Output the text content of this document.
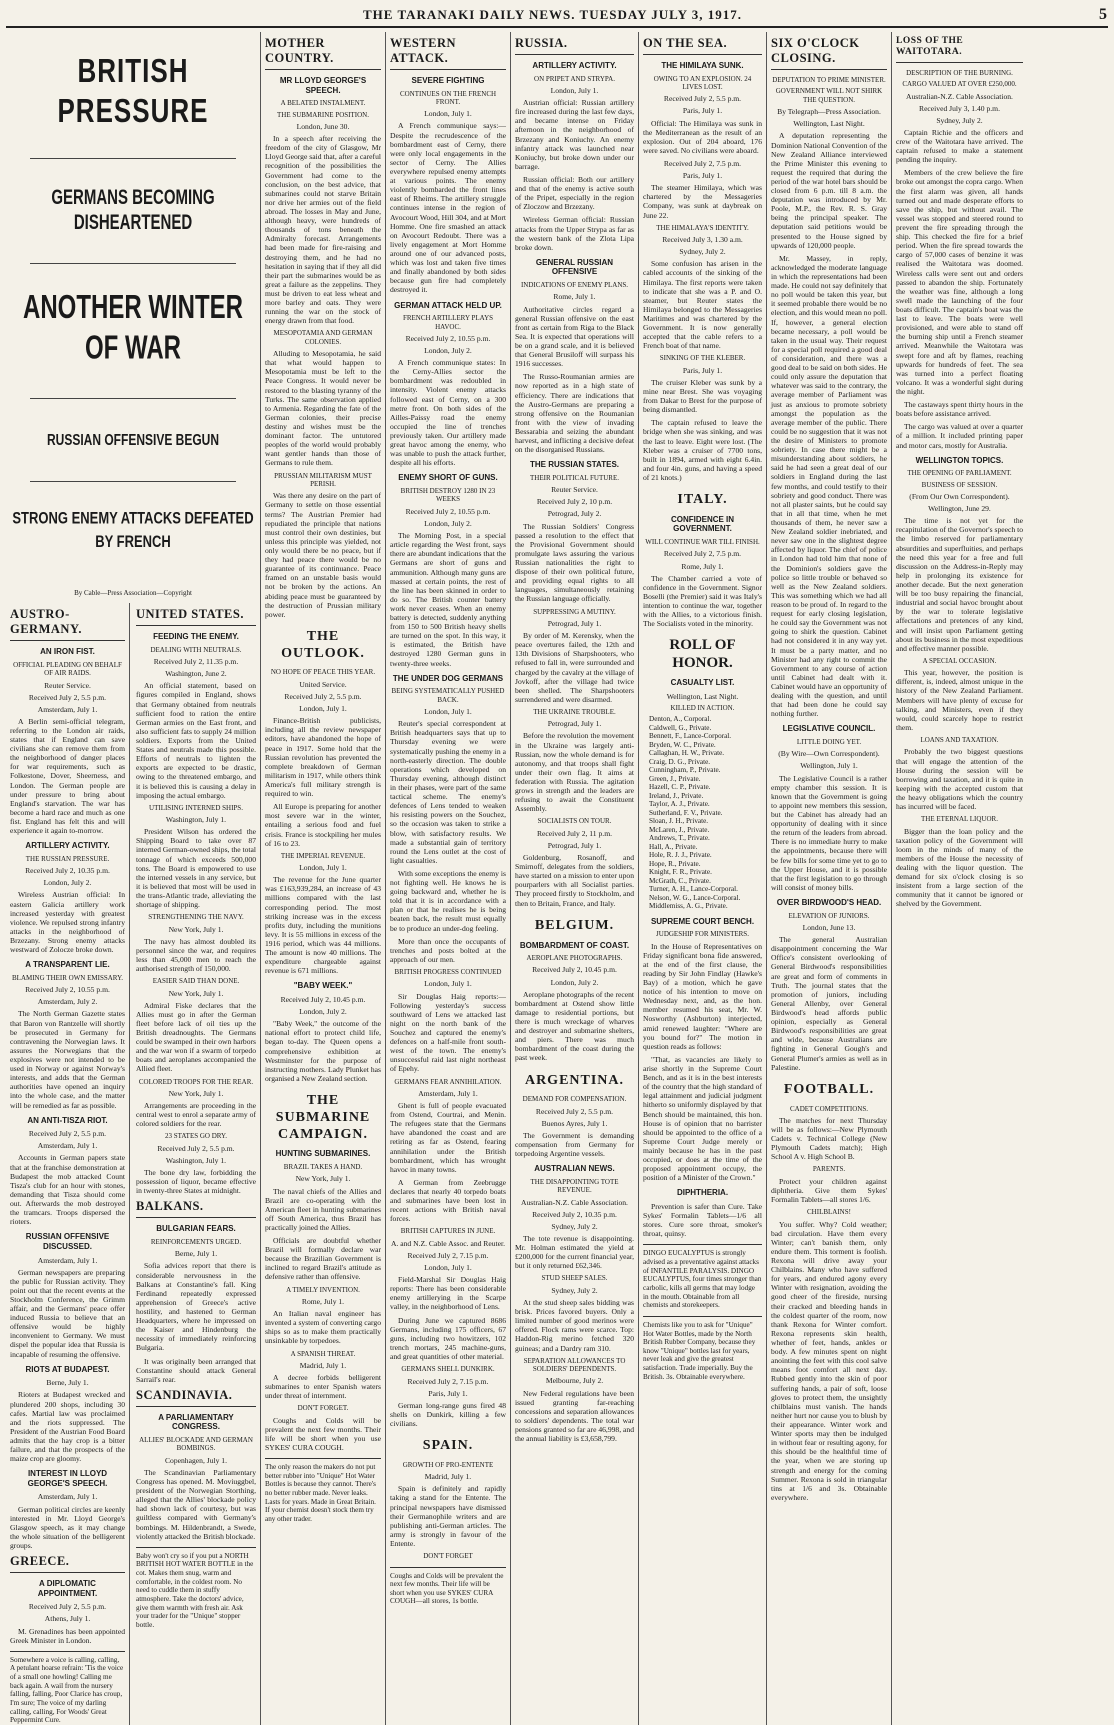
THE TARANAKI DAILY NEWS. TUESDAY JULY 3, 1917.	5
BRITISH PRESSURE
GERMANS BECOMING DISHEARTENED
ANOTHER WINTER OF WAR
RUSSIAN OFFENSIVE BEGUN
STRONG ENEMY ATTACKS DEFEATED BY FRENCH
By Cable—Press Association—Copyright
AUSTRO-GERMANY.
AN IRON FIST.
OFFICIAL PLEADING ON BEHALF OF AIR RAIDS.
Reuter Service.
Received July 2, 5.5 p.m.
Amsterdam, July 1.

A Berlin semi-official telegram, referring to the London air raids, states that if England can save civilians she can remove them from the neighborhood of danger places for war requirements, such as Folkestone, Dover, Sheerness, and London. The German people are under pressure to bring about England's starvation. The war has become a hard race and much as one fist. England has felt this and will experience it again to-morrow.

ARTILLERY ACTIVITY.
THE RUSSIAN PRESSURE.
Received July 2, 10.35 p.m.
London, July 2.

Wireless Austrian official: In eastern Galicia artillery work increased yesterday with greatest violence. We repulsed strong infantry attacks in the neighborhood of Brzezany. Strong enemy attacks westward of Zolocze broke down.

A TRANSPARENT LIE.
BLAMING THEIR OWN EMISSARY.
Received July 2, 10.55 p.m.
Amsterdam, July 2.

The North German Gazette states that Baron von Rantzelle will shortly be prosecuted in Germany for contravening the Norwegian laws. It assures the Norwegians that the explosives were not intended to be used in Norway or against Norway's interests, and adds that the German authorities have opened an inquiry into the whole case, and the matter will be remedied as far as possible.

AN ANTI-TISZA RIOT.
Received July 2, 5.5 p.m.
Amsterdam, July 1.

Accounts in German papers state that at the franchise demonstration at Budapest the mob attacked Count Tisza's club for an hour with stones, demanding that Tisza should come out. Afterwards the mob destroyed the tramcars. Troops dispersed the rioters.

RUSSIAN OFFENSIVE DISCUSSED.
Amsterdam, July 1.

German newspapers are preparing the public for Russian activity. They point out that the recent events at the Stockholm Conference, the Grimm affair, and the Germans' peace offer induced Russia to believe that an offensive would be highly inconvenient to Germany. We must dispel the popular idea that Russia is incapable of resuming the offensive.

RIOTS AT BUDAPEST.
Berne, July 1.

Rioters at Budapest wrecked and plundered 200 shops, including 30 cafes. Martial law was proclaimed and the riots suppressed. The President of the Austrian Food Board admits that the hay crop is a bitter failure, and that the prospects of the maize crop are gloomy.

INTEREST IN LLOYD GEORGE'S SPEECH.
Amsterdam, July 1.

German political circles are keenly interested in Mr. Lloyd George's Glasgow speech, as it may change the whole situation of the belligerent groups.

GREECE.
A DIPLOMATIC APPOINTMENT.
Received July 2, 5.5 p.m.
Athens, July 1.

M. Grenadines has been appointed Greek Minister in London.

Somewhere a voice is calling, calling, A petulant hoarse refrain: 'Tis the voice of a small one howling! Calling me back again. A wail from the nursery falling, falling, Poor Clarice has croup, I'm sure; The voice of my darling calling, calling, For Woods' Great Peppermint Cure.
UNITED STATES.
FEEDING THE ENEMY.
DEALING WITH NEUTRALS.
Received July 2, 11.35 p.m.
Washington, June 2.

An official statement, based on figures compiled in England, shows that Germany obtained from neutrals sufficient food to ration the entire German armies on the East front, and also sufficient fats to supply 24 million soldiers. Exports from the United States and neutrals made this possible. Efforts of neutrals to lighten the exports are expected to be drastic, owing to the threatened embargo, and it is believed this is causing a delay in imposing the actual embargo.

UTILISING INTERNED SHIPS.
Washington, July 1.

President Wilson has ordered the Shipping Board to take over 87 interned German-owned ships, the total tonnage of which exceeds 500,000 tons. The Board is empowered to use the interned vessels in any service, but it is believed that most will be used in the trans-Atlantic trade, alleviating the shortage of shipping.

STRENGTHENING THE NAVY.
New York, July 1.

The navy has almost doubled its personnel since the war, and requires less than 45,000 men to reach the authorised strength of 150,000.

EASIER SAID THAN DONE.
New York, July 1.

Admiral Fiske declares that the Allies must go in after the German fleet before lack of oil ties up the British dreadnoughts. The Germans could be swamped in their own harbors and the war won if a swarm of torpedo boats and aeroplanes accompanied the Allied fleet.

COLORED TROOPS FOR THE REAR.
New York, July 1.

Arrangements are proceeding in the central west to enrol a separate army of colored soldiers for the rear.

23 STATES GO DRY.
Received July 2, 5.5 p.m.
Washington, July 1.

The bone dry law, forbidding the possession of liquor, became effective in twenty-three States at midnight.

BALKANS.
BULGARIAN FEARS.
REINFORCEMENTS URGED.
Berne, July 1.

Sofia advices report that there is considerable nervousness in the Balkans at Constantine's fall. King Ferdinand repeatedly expressed apprehension of Greece's active hostility, and hastened to German Headquarters, where he impressed on the Kaiser and Hindenburg the necessity of immediately reinforcing Bulgaria.

It was originally been arranged that Constantine should attack General Sarrail's rear.

SCANDINAVIA.
A PARLIAMENTARY CONGRESS.
ALLIES' BLOCKADE AND GERMAN BOMBINGS.
Copenhagen, July 1.

The Scandinavian Parliamentary Congress has opened. M. Moviuggbel, president of the Norwegian Storthing, alleged that the Allies' blockade policy had shown lack of courtesy, but was guiltless compared with Germany's bombings. M. Hildenbrandt, a Swede, violently attacked the British blockade.

Baby won't cry so if you put a NORTH BRITISH HOT WATER BOTTLE in the cot. Makes them snug, warm and comfortable, in the coldest room. No need to cuddle them in stuffy atmosphere. Take the doctors' advice, give them warmth with fresh air. Ask your trader for the "Unique" stopper bottle.
MOTHER COUNTRY.
MR LLOYD GEORGE'S SPEECH.
A BELATED INSTALMENT.
THE SUBMARINE POSITION.
London, June 30.

In a speech after receiving the freedom of the city of Glasgow, Mr Lloyd George said that, after a careful recognition of the possibilities the Government had come to the conclusion, on the best advice, that submarines could not starve Britain nor drive her armies out of the field abroad. The losses in May and June, although heavy, were hundreds of thousands of tons beneath the Admiralty forecast. Arrangements had been made for fire-raising and destroying them, and he had no hesitation in saying that if they all did their part the submarines would be as great a failure as the zeppelins. They must be driven to eat less wheat and more barley and oats. They were running the war on the stock of energy drawn from that food.

MESOPOTAMIA AND GERMAN COLONIES.

Alluding to Mesopotamia, he said that what would happen to Mesopotamia must be left to the Peace Congress. It would never be restored to the blasting tyranny of the Turks. The same observation applied to Armenia. Regarding the fate of the German colonies, their precise destiny and wishes must be the dominant factor. The untutored peoples of the world would probably want gentler hands than those of Germans to rule them.

PRUSSIAN MILITARISM MUST PERISH.

Was there any desire on the part of Germany to settle on those essential terms? The Austrian Premier had repudiated the principle that nations must control their own destinies, but unless this principle was yielded, not only would there be no peace, but if they had peace there would be no guarantee of its continuance. Peace framed on an unstable basis would not be broken by the actions. An abiding peace must be guaranteed by the destruction of Prussian military power.

THE OUTLOOK.
NO HOPE OF PEACE THIS YEAR.
United Service.
Received July 2, 5.5 p.m.
London, July 1.

Finance-British publicists, including all the review newspaper editors, have abandoned the hope of peace in 1917. Some hold that the Russian revolution has prevented the complete breakdown of German militarism in 1917, while others think America's full military strength is required to win.

All Europe is preparing for another most severe war in the winter, entailing a serious food and fuel crisis. France is stockpiling her mules of 16 to 23.

THE IMPERIAL REVENUE.
London, July 1.

The revenue for the June quarter was £163,939,284, an increase of 43 millions compared with the last corresponding period. The most striking increase was in the excess profits duty, including the munitions levy. It is 55 millions in excess of the 1916 period, which was 44 millions. The amount is now 40 millions. The expenditure chargeable against revenue is 671 millions.

"BABY WEEK."
Received July 2, 10.45 p.m.
London, July 2.

"Baby Week," the outcome of the national effort to protect child life, began to-day. The Queen opens a comprehensive exhibition at Westminster for the purpose of instructing mothers. Lady Plunket has organised a New Zealand section.

THE SUBMARINE CAMPAIGN.
HUNTING SUBMARINES.
BRAZIL TAKES A HAND.
New York, July 1.

The naval chiefs of the Allies and Brazil are co-operating with the American fleet in hunting submarines off South America, thus Brazil has practically joined the Allies.

Officials are doubtful whether Brazil will formally declare war because the Brazilian Government is inclined to regard Brazil's attitude as defensive rather than offensive.

A TIMELY INVENTION.
Rome, July 1.

An Italian naval engineer has invented a system of converting cargo ships so as to make them practically unsinkable by torpedoes.

A SPANISH THREAT.
Madrid, July 1.

A decree forbids belligerent submarines to enter Spanish waters under threat of internment.

DON'T FORGET.

Coughs and Colds will be prevalent the next few months. Their life will be short when you use SYKES' CURA COUGH.

The only reason the makers do not put better rubber into "Unique" Hot Water Bottles is because they cannot. There's no better rubber made. Never leaks. Lasts for years. Made in Great Britain. If your chemist doesn't stock them try any other trader.
WESTERN ATTACK.
SEVERE FIGHTING
CONTINUES ON THE FRENCH FRONT.
London, July 1.

A French communique says:—Despite the recrudescence of the bombardment east of Cerny, there were only local engagements in the sector of Cerny. The Allies everywhere repulsed enemy attempts at various points. The enemy violently bombarded the front lines east of Rheims. The artillery struggle continues intense in the region of Avocourt Wood, Hill 304, and at Mort Homme. One fire smashed an attack on Avocourt Redoubt. There was a lively engagement at Mort Homme around one of our advanced posts, which was lost and taken five times and finally abandoned by both sides because gun fire had completely destroyed it.

GERMAN ATTACK HELD UP.
FRENCH ARTILLERY PLAYS HAVOC.
Received July 2, 10.55 p.m.
London, July 2.

A French communique states: In the Cerny-Allies sector the bombardment was redoubled in intensity. Violent enemy attacks followed east of Cerny, on a 300 metre front. On both sides of the Ailles-Paissy road the enemy occupied the line of trenches previously taken. Our artillery made great havoc among the enemy, who was unable to push the attack further, despite all his efforts.

ENEMY SHORT OF GUNS.
BRITISH DESTROY 1280 IN 23 WEEKS
Received July 2, 10.55 p.m.
London, July 2.

The Morning Post, in a special article regarding the West front, says there are abundant indications that the Germans are short of guns and ammunition. Although many guns are massed at certain points, the rest of the line has been skinned in order to do so. The British counter battery work never ceases. When an enemy battery is detected, suddenly anything from 150 to 500 British heavy shells are turned on the spot. In this way, it is estimated, the British have destroyed 1280 German guns in twenty-three weeks.

THE UNDER DOG GERMANS
BEING SYSTEMATICALLY PUSHED BACK.
London, July 1.

Reuter's special correspondent at British headquarters says that up to Thursday evening we were systematically pushing the enemy in a north-easterly direction. The double operations which developed on Thursday evening, although distinct in their phases, were part of the same tactical scheme. The enemy's defences of Lens tended to weaken his resisting powers on the Souchez, so the occasion was taken to strike a blow, with satisfactory results. We made a substantial gain of territory round the Lens outlet at the cost of light casualties.

With some exceptions the enemy is not fighting well. He knows he is going backward and, whether he is told that it is in accordance with a plan or that he realises he is being beaten back, the result must equally be to produce an under-dog feeling.

More than once the occupants of trenches and posts bolted at the approach of our men.

BRITISH PROGRESS CONTINUED
London, July 1.

Sir Douglas Haig reports:—Following yesterday's success southward of Lens we attacked last night on the north bank of the Souchez and captured the enemy's defences on a half-mile front south-west of the town. The enemy's unsuccessful raid last night northeast of Epehy.

GERMANS FEAR ANNIHILATION.
Amsterdam, July 1.

Ghent is full of people evacuated from Ostend, Courtrai, and Menin. The refugees state that the Germans have abandoned the coast and are retiring as far as Ostend, fearing annihilation under the British bombardment, which has wrought havoc in many towns.

A German from Zeebrugge declares that nearly 40 torpedo boats and submarines have been lost in recent actions with British naval forces.

BRITISH CAPTURES IN JUNE.
A. and N.Z. Cable Assoc. and Reuter.
Received July 2, 7.15 p.m.
London, July 1.

Field-Marshal Sir Douglas Haig reports: There has been considerable enemy artillerying in the Scarpe valley, in the neighborhood of Lens.

During June we captured 8686 Germans, including 175 officers, 67 guns, including two howitzers, 102 trench mortars, 245 machine-guns, and great quantities of other material.

GERMANS SHELL DUNKIRK.
Received July 2, 7.15 p.m.
Paris, July 1.

German long-range guns fired 48 shells on Dunkirk, killing a few civilians.

SPAIN.
GROWTH OF PRO-ENTENTE
Madrid, July 1.

Spain is definitely and rapidly taking a stand for the Entente. The principal newspapers have dismissed their Germanophile writers and are publishing anti-German articles. The army is strongly in favour of the Entente.

DON'T FORGET
Coughs and Colds will be prevalent the next few months. Their life will be short when you use SYKES' CURA COUGH—all stores, 1s bottle.
RUSSIA.
ARTILLERY ACTIVITY.
ON PRIPET AND STRYPA.
London, July 1.

Austrian official: Russian artillery fire increased during the last few days, and became intense on Friday afternoon in the neighborhood of Brzezany and Koniuchy. An enemy infantry attack was launched near Koniuchy, but broke down under our barrage.

Russian official: Both our artillery and that of the enemy is active south of the Pripet, especially in the region of Zloczow and Brzezany.

Wireless German official: Russian attacks from the Upper Strypa as far as the western bank of the Zlota Lipa broke down.

GENERAL RUSSIAN OFFENSIVE
INDICATIONS OF ENEMY PLANS.
Rome, July 1.

Authoritative circles regard a general Russian offensive on the east front as certain from Riga to the Black Sea. It is expected that operations will be on a grand scale, and it is believed that General Brusiloff will surpass his 1916 successes.

The Russo-Roumanian armies are now reported as in a high state of efficiency. There are indications that the Austro-Germans are preparing a strong offensive on the Roumanian front with the view of invading Bessarabia and seizing the abundant harvest, and inflicting a decisive defeat on the disorganised Russians.

THE RUSSIAN STATES.
THEIR POLITICAL FUTURE.
Reuter Service.
Received July 2, 10 p.m.
Petrograd, July 2.

The Russian Soldiers' Congress passed a resolution to the effect that the Provisional Government should promulgate laws assuring the various Russian nationalities the right to dispose of their own political future, and providing equal rights to all languages, simultaneously retaining the Russian language officially.

SUPPRESSING A MUTINY.
Petrograd, July 1.

By order of M. Kerensky, when the peace overtures failed, the 12th and 13th Divisions of Sharpshooters, who refused to fall in, were surrounded and charged by the cavalry at the village of Jovkoff, after the village had twice been shelled. The Sharpshooters surrendered and were disarmed.

THE UKRAINE TROUBLE.
Petrograd, July 1.

Before the revolution the movement in the Ukraine was largely anti-Russian, now the whole demand is for autonomy, and that troops shall fight under their own flag. It aims at federation with Russia. The agitation grows in strength and the leaders are refusing to await the Constituent Assembly.

SOCIALISTS ON TOUR.
Received July 2, 11 p.m.
Petrograd, July 1.

Goldenburg, Rosanoff, and Smirnoff, delegates from the soldiers, have started on a mission to enter upon pourparlers with all Socialist parties. They proceed firstly to Stockholm, and then to Britain, France, and Italy.

BELGIUM.
BOMBARDMENT OF COAST.
AEROPLANE PHOTOGRAPHS.
Received July 2, 10.45 p.m.
London, July 2.

Aeroplane photographs of the recent bombardment at Ostend show little damage to residential portions, but there is much wreckage of wharves and destroyer and submarine shelters, and piers. There was much bombardment of the coast during the past week.

ARGENTINA.
DEMAND FOR COMPENSATION.
Received July 2, 5.5 p.m.
Buenos Ayres, July 1.

The Government is demanding compensation from Germany for torpedoing Argentine vessels.

AUSTRALIAN NEWS.
THE DISAPPOINTING TOTE REVENUE.
Australian-N.Z. Cable Association.
Received July 2, 10.35 p.m.
Sydney, July 2.

The tote revenue is disappointing. Mr. Holman estimated the yield at £200,000 for the current financial year, but it only returned £62,346.

STUD SHEEP SALES.
Sydney, July 2.

At the stud sheep sales bidding was brisk. Prices favored buyers. Only a limited number of good merinos were offered. Flock rams were scarce. Top: Haddon-Rig merino fetched 320 guineas; and a Dardry ram 310.

SEPARATION ALLOWANCES TO SOLDIERS' DEPENDENTS.
Melbourne, July 2.

New Federal regulations have been issued granting far-reaching concessions and separation allowances to soldiers' dependents. The total war pensions granted so far are 46,998, and the annual liability is £3,658,799.

ON THE SEA.
THE HIMILAYA SUNK.
OWING TO AN EXPLOSION. 24 LIVES LOST.
Received July 2, 5.5 p.m.
Paris, July 1.

Official: The Himilaya was sunk in the Mediterranean as the result of an explosion. Out of 204 aboard, 176 were saved. No civilians were aboard.

Received July 2, 7.5 p.m.
Paris, July 1.

The steamer Himilaya, which was chartered by the Messageries Company, was sunk at daybreak on June 22.

THE HIMALAYA'S IDENTITY.
Received July 3, 1.30 a.m.
Sydney, July 2.

Some confusion has arisen in the cabled accounts of the sinking of the Himilaya. The first reports were taken to indicate that she was a P. and O. steamer, but Reuter states the Himilaya belonged to the Messageries Maritimes and was chartered by the Government. It is now generally accepted that the cable refers to a French boat of that name.

SINKING OF THE KLEBER.
Paris, July 1.

The cruiser Kleber was sunk by a mine near Brest. She was voyaging from Dakar to Brest for the purpose of being dismantled.

The captain refused to leave the bridge when she was sinking, and was the last to leave. Eight were lost. (The Kleber was a cruiser of 7700 tons, built in 1894, armed with eight 6.4in. and four 4in. guns, and having a speed of 21 knots.)

ITALY.
CONFIDENCE IN GOVERNMENT.
WILL CONTINUE WAR TILL FINISH.
Received July 2, 7.5 p.m.
Rome, July 1.

The Chamber carried a vote of confidence in the Government. Signor Boselli (the Premier) said it was Italy's intention to continue the war, together with the Allies, to a victorious finish. The Socialists voted in the minority.

ROLL OF HONOR.
CASUALTY LIST.
Wellington, Last Night.
KILLED IN ACTION.
Denton, A., Corporal.
Caldwell, G., Private.
Bennett, F., Lance-Corporal.
Bryden, W. C., Private.
Callaghan, H. W., Private.
Craig, D. G., Private.
Cunningham, P., Private.
Green, J., Private.
Hazell, C. P., Private.
Ireland, J., Private.
Taylor, A. J., Private.
Sutherland, F. V., Private.
Sloan, J. H., Private.
McLaren, J., Private.
Andrews, T., Private.
Hall, A., Private.
Hole, R. J. J., Private.
Hope, R., Private.
Knight, F. R., Private.
McGrath, C., Private.
Turner, A. H., Lance-Corporal.
Nelson, W. G., Lance-Corporal.
Middlemiss, A. G., Private.
SUPREME COURT BENCH.
JUDGESHIP FOR MINISTERS.

In the House of Representatives on Friday significant bona fide answered, at the end of the first clause, the reading by Sir John Findlay (Hawke's Bay) of a motion, which he gave notice of his intention to move on Wednesday next, and, as the hon. member resumed his seat, Mr. W. Nosworthy (Ashburton) interjected, amid renewed laughter: "Where are you bound for?" The motion in question reads as follows:

"That, as vacancies are likely to arise shortly in the Supreme Court Bench, and as it is in the best interests of the country that the high standard of legal attainment and judicial judgment hitherto so uniformly displayed by that Bench should be maintained, this hon. House is of opinion that no barrister should be appointed to the office of a Supreme Court Judge merely or mainly because he has in the past occupied, or does at the time of the proposed appointment occupy, the position of a Minister of the Crown."

DIPHTHERIA.

Prevention is safer than Cure. Take Sykes' Formalin Tablets—1/6 all stores. Cure sore throat, smoker's throat, quinsy.

DINGO EUCALYPTUS is strongly advised as a preventative against attacks of INFANTILE PARALYSIS. DINGO EUCALYPTUS, four times stronger than carbolic, kills all germs that may lodge in the mouth. Obtainable from all chemists and storekeepers.
Chemists like you to ask for "Unique" Hot Water Bottles, made by the North British Rubber Company, because they know "Unique" bottles last for years, never leak and give the greatest satisfaction. Trade imperially. Buy the British. 3s. Obtainable everywhere.
SIX O'CLOCK CLOSING.
DEPUTATION TO PRIME MINISTER.
GOVERNMENT WILL NOT SHIRK THE QUESTION.
By Telegraph—Press Association.
Wellington, Last Night.

A deputation representing the Dominion National Convention of the New Zealand Alliance interviewed the Prime Minister this evening to request the required that during the period of the war hotel bars should be closed from 6 p.m. till 8 a.m. the deputation was introduced by Mr. Poole, M.P., the Rev. R. S. Gray being the principal speaker. The deputation said petitions would be presented to the House signed by upwards of 120,000 people.

Mr. Massey, in reply, acknowledged the moderate language in which the representations had been made. He could not say definitely that no poll would be taken this year, but it seemed probable there would be no election, and this would mean no poll. If, however, a general election became necessary, a poll would be taken in the usual way. Their request for a special poll required a good deal of consideration, and there was a good deal to be said on both sides. He could only assure the deputation that whatever was said to the contrary, the average member of Parliament was just as anxious to promote sobriety amongst the population as the average member of the public. There could be no suggestion that it was not the desire of Ministers to promote sobriety. In case there might be a misunderstanding about soldiers, he said he had seen a great deal of our soldiers in England during the last few months, and could testify to their sobriety and good conduct. There was not all plaster saints, but he could say that in all that time, when he met thousands of them, he never saw a New Zealand soldier inebriated, and never saw one in the slightest degree affected by liquor. The chief of police in London had told him that none of the Dominion's soldiers gave the police so little trouble or behaved so well as the New Zealand soldiers. This was something which we had all reason to be proud of. In regard to the request for early closing legislation, he could say the Government was not going to shirk the question. Cabinet had not considered it in any way yet. It must be a party matter, and no Minister had any right to commit the Government to any course of action until Cabinet had dealt with it. Cabinet would have an opportunity of dealing with the question, and until that had been done he could say nothing further.

LEGISLATIVE COUNCIL.
LITTLE DOING YET.
(By Wire—Own Correspondent).
Wellington, July 1.

The Legislative Council is a rather empty chamber this session. It is known that the Government is going to appoint new members this session, but the Cabinet has already had an opportunity of dealing with it since the return of the leaders from abroad. There is no immediate hurry to make the appointments, because there will be few bills for some time yet to go to the Upper House, and it is possible that the first legislation to go through will consist of money bills.

OVER BIRDWOOD'S HEAD.
ELEVATION OF JUNIORS.
London, June 13.

The general Australian disappointment concerning the War Office's consistent overlooking of General Birdwood's responsibilities are great and form of comments in Truth. The journal states that the promotion of juniors, including General Allenby, over General Birdwood's head affords public opinion, especially as General Birdwood's responsibilities are great and wide, because Australians are fighting in General Gough's and General Plumer's armies as well as in Palestine.

FOOTBALL.
CADET COMPETITIONS.

The matches for next Thursday will be as follows:—New Plymouth Cadets v. Technical College (New Plymouth Cadets match); High School A v. High School B.

PARENTS.

Protect your children against diphtheria. Give them Sykes' Formalin Tablets—all stores 1/6.

CHILBLAINS!

You suffer. Why? Cold weather; bad circulation. Have them every Winter; can't banish them, only endure them. This torment is foolish. Rexona will drive away your Chilblains. Many who have suffered for years, and endured agony every Winter with resignation, avoiding the good cheer of the fireside, nursing their cracked and bleeding hands in the coldest quarter of the room, now thank Rexona for Winter comfort. Rexona represents skin health, whether of feet, hands, ankles or body. A few minutes spent on night anointing the feet with this cool salve means foot comfort all next day. Rubbed gently into the skin of poor suffering hands, a pair of soft, loose gloves to protect them, the unsightly chilblains must vanish. The hands neither hurt nor cause you to blush by their appearance. Winter work and Winter sports may then be indulged in without fear or resulting agony, for this should be the healthful time of the year, when we are storing up strength and energy for the coming Summer. Rexona is sold in triangular tins at 1/6 and 3s. Obtainable everywhere.

LOSS OF THE WAITOTARA.
DESCRIPTION OF THE BURNING.
CARGO VALUED AT OVER £250,000.
Australian-N.Z. Cable Association.
Received July 3, 1.40 p.m.
Sydney, July 2.

Captain Richie and the officers and crew of the Waitotara have arrived. The captain refused to make a statement pending the inquiry.

Members of the crew believe the fire broke out amongst the copra cargo. When the first alarm was given, all hands turned out and made desperate efforts to save the ship, but without avail. The vessel was stopped and steered round to prevent the fire spreading through the ship. This checked the fire for a brief period. When the fire spread towards the cargo of 57,000 cases of benzine it was realised the Waitotara was doomed. Wireless calls were sent out and orders passed to abandon the ship. Fortunately the weather was fine, although a long swell made the launching of the four boats difficult. The captain's boat was the last to leave. The boats were well provisioned, and were able to stand off the burning ship until a French steamer arrived. Meanwhile the Waitotara was swept fore and aft by flames, reaching upwards for hundreds of feet. The sea was turned into a perfect floating volcano. It was a wonderful sight during the night.

The castaways spent thirty hours in the boats before assistance arrived.

The cargo was valued at over a quarter of a million. It included printing paper and motor cars, mostly for Australia.

WELLINGTON TOPICS.
THE OPENING OF PARLIAMENT.
BUSINESS OF SESSION.
(From Our Own Correspondent).
Wellington, June 29.

The time is not yet for the recapitulation of the Governor's speech to the limbo reserved for parliamentary absurdities and superfluities, and perhaps the need this year for a free and full discussion on the Address-in-Reply may help in prolonging its existence for another decade. But the next generation will be too busy repairing the financial, industrial and social havoc brought about by the war to tolerate legislative affectations and pretences of any kind, and will insist upon Parliament getting about its business in the most expeditious and effective manner possible.

A SPECIAL OCCASION.

This year, however, the position is different, is, indeed, almost unique in the history of the New Zealand Parliament. Members will have plenty of excuse for talking, and Ministers, even if they would, could scarcely hope to restrict them.

LOANS AND TAXATION.

Probably the two biggest questions that will engage the attention of the House during the session will be borrowing and taxation, and it is quite in keeping with the accepted custom that the heavy obligations which the country has incurred will be faced.

THE ETERNAL LIQUOR.

Bigger than the loan policy and the taxation policy of the Government will loom in the minds of many of the members of the House the necessity of dealing with the liquor question. The demand for six o'clock closing is so insistent from a large section of the community that it cannot be ignored or shelved by the Government.
